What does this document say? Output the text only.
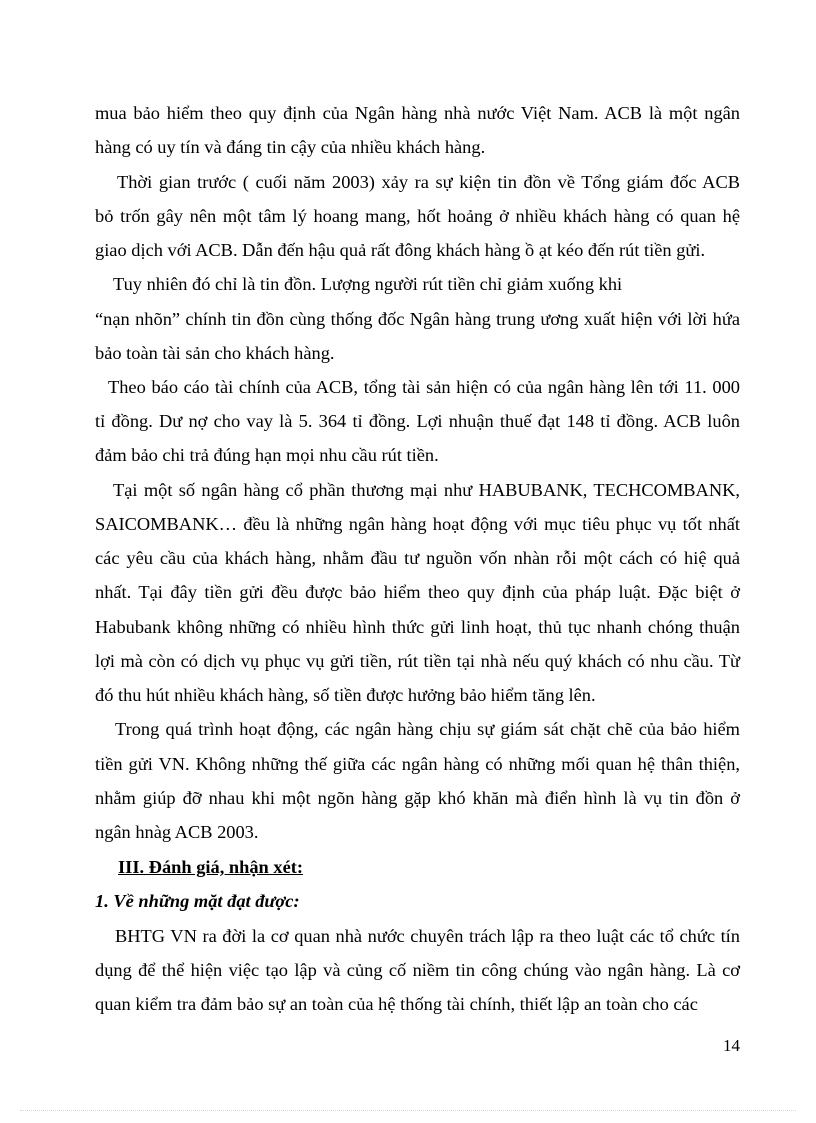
mua bảo hiểm theo quy định của Ngân hàng nhà nước Việt Nam. ACB là một ngân
hàng có uy tín và đáng tin cậy của nhiều khách hàng.
Thời gian trước ( cuối năm 2003) xảy ra sự kiện tin đồn về Tổng giám đốc ACB
bỏ trốn gây nên một tâm lý hoang mang, hốt hoảng ở nhiều khách hàng có quan hệ
giao dịch với ACB. Dẫn đến hậu quả rất đông khách hàng ồ ạt kéo đến rút tiền gửi.
Tuy nhiên đó chỉ là tin đồn. Lượng người rút tiền chỉ giảm xuống khi
“nạn nhõn” chính tin đồn cùng thống đốc Ngân hàng trung ương xuất hiện với lời hứa
bảo toàn tài sản cho khách hàng.
Theo báo cáo tài chính của ACB, tổng tài sản hiện có của ngân hàng lên tới 11. 000
tỉ đồng. Dư nợ cho vay là 5. 364 tỉ đồng. Lợi nhuận thuế đạt 148 tỉ đồng. ACB luôn
đảm bảo chi trả đúng hạn mọi nhu cầu rút tiền.
Tại một số ngân hàng cổ phần thương mại như HABUBANK, TECHCOMBANK,
SAICOMBANK… đều là những ngân hàng hoạt động với mục tiêu phục vụ tốt nhất
các yêu cầu của khách hàng, nhằm đầu tư nguồn vốn nhàn rỗi một cách có hiệ quả
nhất. Tại đây tiền gửi đều được bảo hiểm theo quy định của pháp luật. Đặc biệt ở
Habubank không những có nhiều hình thức gửi linh hoạt, thủ tục nhanh chóng thuận
lợi mà còn có dịch vụ phục vụ gửi tiền, rút tiền tại nhà nếu quý khách có nhu cầu. Từ
đó thu hút nhiều khách hàng, số tiền được hưởng bảo hiểm tăng lên.
Trong quá trình hoạt động, các ngân hàng chịu sự giám sát chặt chẽ của bảo hiểm
tiền gửi VN. Không những thế giữa các ngân hàng có những mối quan hệ thân thiện,
nhằm giúp đỡ nhau khi một ngõn hàng gặp khó khăn mà điển hình là vụ tin đồn ở
ngân hnàg ACB 2003.
III. Đánh giá, nhận xét:
1. Về những mặt đạt được:
BHTG VN ra đời la cơ quan nhà nước chuyên trách lập ra theo luật các tổ chức tín
dụng để thể hiện việc tạo lập và củng cố niềm tin công chúng vào ngân hàng. Là cơ
quan kiểm tra đảm bảo sự an toàn của hệ thống tài chính, thiết lập an toàn cho các
14
